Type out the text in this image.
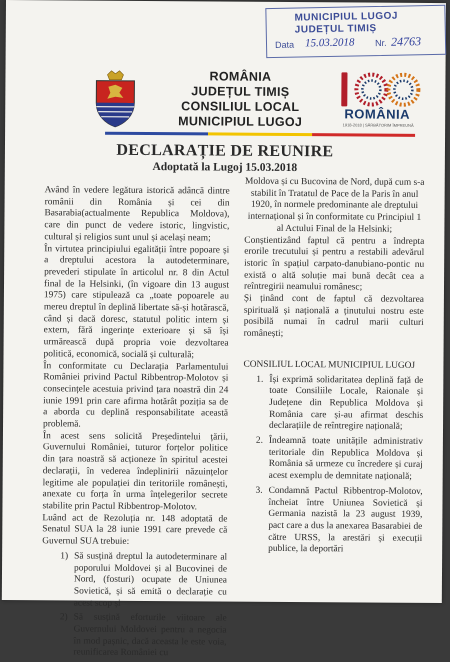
MUNICIPIUL LUGOJ
JUDEȚUL TIMIȘ
Data 15.03.2018 Nr. 24763
ROMÂNIA
JUDEȚUL TIMIȘ
CONSILIUL LOCAL
MUNICIPIUL LUGOJ	ROMÂNIA
1918-2018 | SĂRBĂTORIM ÎMPREUNĂ
DECLARAȚIE DE REUNIRE
Adoptată la Lugoj 15.03.2018

Având în vedere legătura istorică adâncă dintre românii din România și cei din Basarabia(actualmente Republica Moldova), care din punct de vedere istoric, lingvistic, cultural și religios sunt unul și același neam;

În virtutea principiului egalității între popoare și a dreptului acestora la autodeterminare, prevederi stipulate în articolul nr. 8 din Actul final de la Helsinki, (în vigoare din 13 august 1975) care stipulează ca „toate popoarele au mereu dreptul în deplină libertate să-și hotărască, când și dacă doresc, statutul politic intern și extern, fără ingerințe exterioare și să își urmărească după propria voie dezvoltarea politică, economică, socială și culturală;

În conformitate cu Declarația Parlamentului României privind Pactul Ribbentrop-Molotov și consecințele acestuia privind țara noastră din 24 iunie 1991 prin care afirma hotărât poziția sa de a aborda cu deplină responsabilitate această problemă.

În acest sens solicită Președintelui țării, Guvernului României, tuturor forțelor politice din țara noastră să acționeze în spiritul acestei declarații, în vederea îndeplinirii năzuințelor legitime ale populației din teritoriile românești, anexate cu forța în urma înțelegerilor secrete stabilite prin Pactul Ribbentrop-Molotov.

Luând act de Rezoluția nr. 148 adoptată de Senatul SUA la 28 iunie 1991 care prevede că Guvernul SUA trebuie:

1) Să susțină dreptul la autodeterminare al poporului Moldovei și al Bucovinei de Nord, (fosturi) ocupate de Uniunea Sovietică, și să emită o declarație cu acest scop și

2) Să susțină eforturile viitoare ale Guvernului Moldovei pentru a negocia în mod pașnic, dacă aceasta le este voia, reunificarea României cu

Moldova și cu Bucovina de Nord, după cum s-a stabilit în Tratatul de Pace de la Paris în anul 1920, în normele predominante ale dreptului internațional și în conformitate cu Principiul 1 al Actului Final de la Helsinki;

Conștientizând faptul că pentru a îndrepta erorile trecutului și pentru a restabili adevărul istoric în spațiul carpato-danubiano-pontic nu există o altă soluție mai bună decât cea a reîntregirii neamului românesc;

Și ținând cont de faptul că dezvoltarea spirituală și națională a ținutului nostru este posibilă numai în cadrul marii culturi românești;

CONSILIUL LOCAL MUNICIPIUL LUGOJ

1. Își exprimă solidaritatea deplină față de toate Consiliile Locale, Raionale și Județene din Republica Moldova și România care și-au afirmat deschis declarațiile de reîntregire națională;

2. Îndeamnă toate unitățile administrativ teritoriale din Republica Moldova și România să urmeze cu încredere și curaj acest exemplu de demnitate națională;

3. Condamnă Pactul Ribbentrop-Molotov, încheiat între Uniunea Sovietică și Germania nazistă la 23 august 1939, pact care a dus la anexarea Basarabiei de către URSS, la arestări și execuții publice, la deportări
